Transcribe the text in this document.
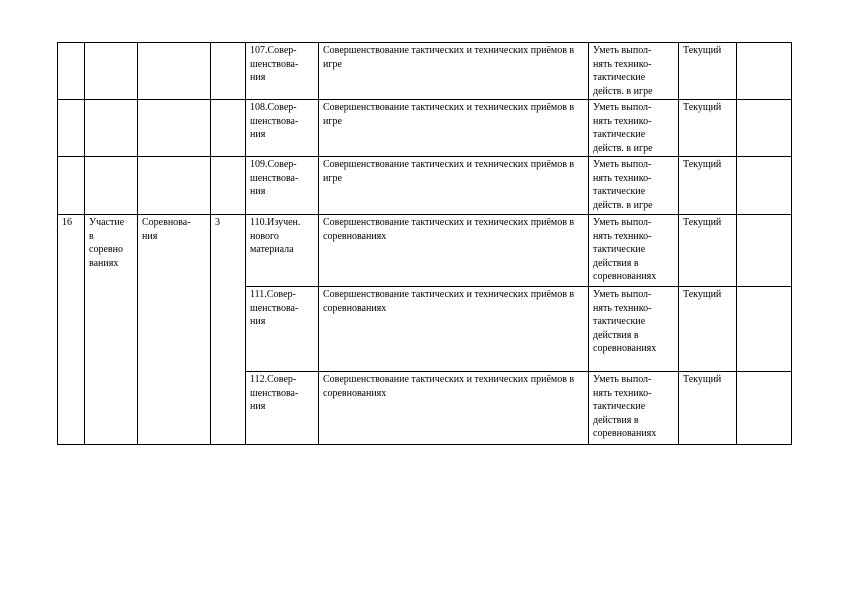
				107.Совер-
шенствова-
ния	Совершенствование тактических и технических приёмов в игре	Уметь выпол-
нять технико-
тактические
действ. в игре	Текущий	
				108.Совер-
шенствова-
ния	Совершенствование тактических и технических приёмов в игре	Уметь выпол-
нять технико-
тактические
действ. в игре	Текущий	
				109.Совер-
шенствова-
ния	Совершенствование тактических и технических приёмов в игре	Уметь выпол-
нять технико-
тактические
действ. в игре	Текущий	
16	Участие
в
соревно
ваниях	Соревнова-
ния	3	110.Изучен.
нового
материала	Совершенствование тактических и технических приёмов в соревнованиях	Уметь выпол-
нять технико-
тактические
действия в
соревнованиях	Текущий	
				111.Совер-
шенствова-
ния	Совершенствование тактических и технических приёмов в соревнованиях	Уметь выпол-
нять технико-
тактические
действия в
соревнованиях	Текущий	
				112.Совер-
шенствова-
ния	Совершенствование тактических и технических приёмов в соревнованиях	Уметь выпол-
нять технико-
тактические
действия в
соревнованиях	Текущий	
